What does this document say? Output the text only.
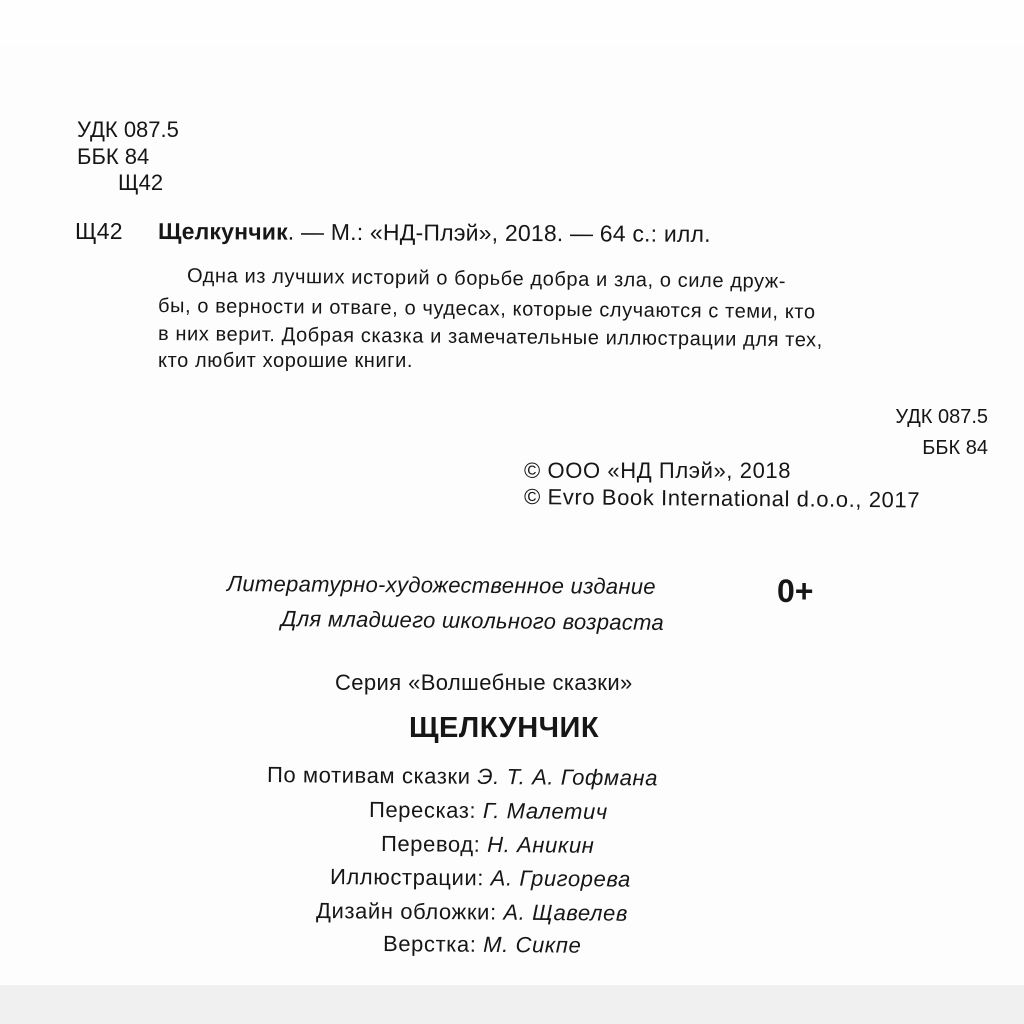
УДК 087.5
ББК 84
Щ42
Щ42 Щелкунчик. — М.: «НД-Плэй», 2018. — 64 с.: илл.
Одна из лучших историй о борьбе добра и зла, о силе друж-
бы, о верности и отваге, о чудесах, которые случаются с теми, кто
в них верит. Добрая сказка и замечательные иллюстрации для тех,
кто любит хорошие книги.
УДК 087.5
ББК 84
© ООО «НД Плэй», 2018
© Evro Book International d.o.o., 2017
Литературно-художественное издание
Для младшего школьного возраста
0+
Серия «Волшебные сказки»
ЩЕЛКУНЧИК
По мотивам сказки Э. Т. А. Гофмана
Пересказ: Г. Малетич
Перевод: Н. Аникин
Иллюстрации: А. Григорева
Дизайн обложки: А. Щавелев
Верстка: М. Сикпе
